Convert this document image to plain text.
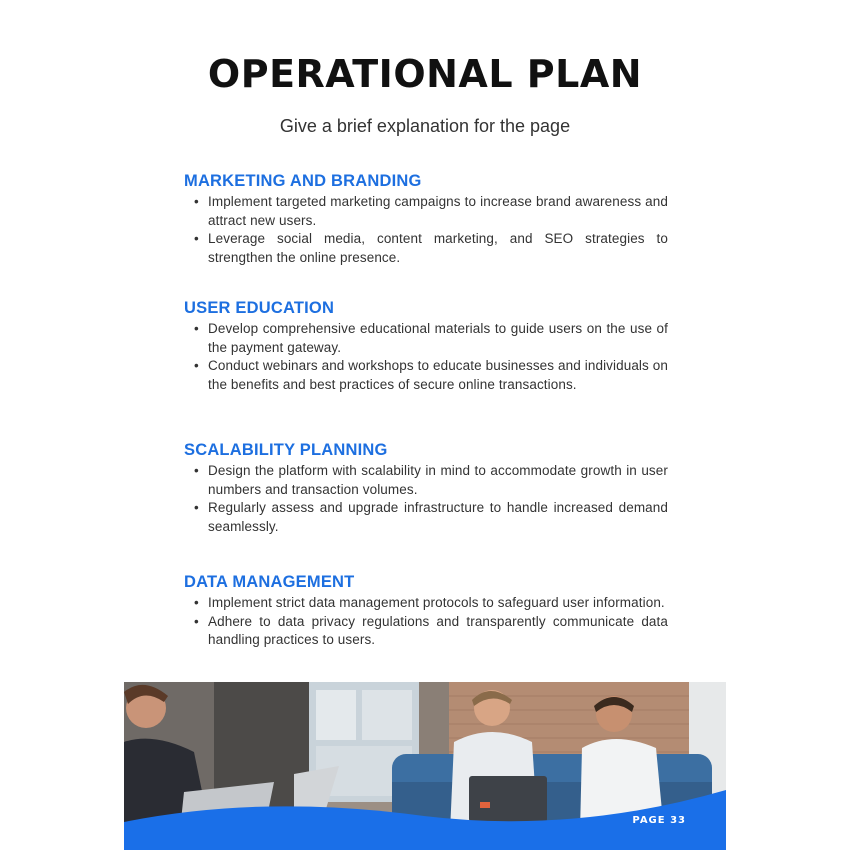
OPERATIONAL PLAN
Give a brief explanation for the page
MARKETING AND BRANDING
• Implement targeted marketing campaigns to increase brand awareness and attract new users.
• Leverage social media, content marketing, and SEO strategies to strengthen the online presence.
USER EDUCATION
• Develop comprehensive educational materials to guide users on the use of the payment gateway.
• Conduct webinars and workshops to educate businesses and individuals on the benefits and best practices of secure online transactions.
SCALABILITY PLANNING
• Design the platform with scalability in mind to accommodate growth in user numbers and transaction volumes.
• Regularly assess and upgrade infrastructure to handle increased demand seamlessly.
DATA MANAGEMENT
• Implement strict data management protocols to safeguard user information.
• Adhere to data privacy regulations and transparently communicate data handling practices to users.
PAGE 33
